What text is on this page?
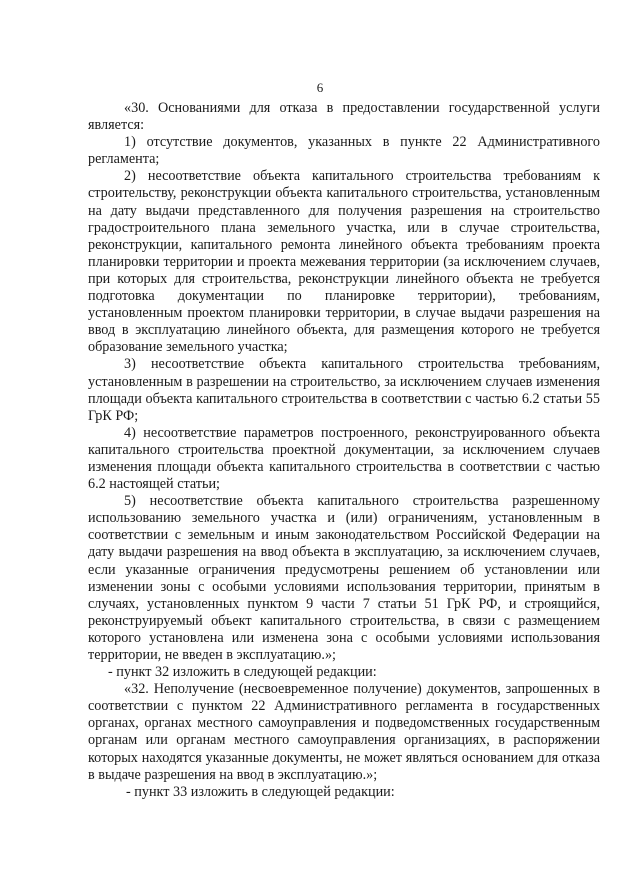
6

«30. Основаниями для отказа в предоставлении государственной услуги является:

1) отсутствие документов, указанных в пункте 22 Административного регламента;

2) несоответствие объекта капитального строительства требованиям к строительству, реконструкции объекта капитального строительства, установленным на дату выдачи представленного для получения разрешения на строительство градостроительного плана земельного участка, или в случае строительства, реконструкции, капитального ремонта линейного объекта требованиям проекта планировки территории и проекта межевания территории (за исключением случаев, при которых для строительства, реконструкции линейного объекта не требуется подготовка документации по планировке территории), требованиям, установленным проектом планировки территории, в случае выдачи разрешения на ввод в эксплуатацию линейного объекта, для размещения которого не требуется образование земельного участка;

3) несоответствие объекта капитального строительства требованиям, установленным в разрешении на строительство, за исключением случаев изменения площади объекта капитального строительства в соответствии с частью 6.2 статьи 55 ГрК РФ;

4) несоответствие параметров построенного, реконструированного объекта капитального строительства проектной документации, за исключением случаев изменения площади объекта капитального строительства в соответствии с частью 6.2 настоящей статьи;

5) несоответствие объекта капитального строительства разрешенному использованию земельного участка и (или) ограничениям, установленным в соответствии с земельным и иным законодательством Российской Федерации на дату выдачи разрешения на ввод объекта в эксплуатацию, за исключением случаев, если указанные ограничения предусмотрены решением об установлении или изменении зоны с особыми условиями использования территории, принятым в случаях, установленных пунктом 9 части 7 статьи 51 ГрК РФ, и строящийся, реконструируемый объект капитального строительства, в связи с размещением которого установлена или изменена зона с особыми условиями использования территории, не введен в эксплуатацию.»;

- пункт 32 изложить в следующей редакции:

«32. Неполучение (несвоевременное получение) документов, запрошенных в соответствии с пунктом 22 Административного регламента в государственных органах, органах местного самоуправления и подведомственных государственным органам или органам местного самоуправления организациях, в распоряжении которых находятся указанные документы, не может являться основанием для отказа в выдаче разрешения на ввод в эксплуатацию.»;

- пункт 33 изложить в следующей редакции:
